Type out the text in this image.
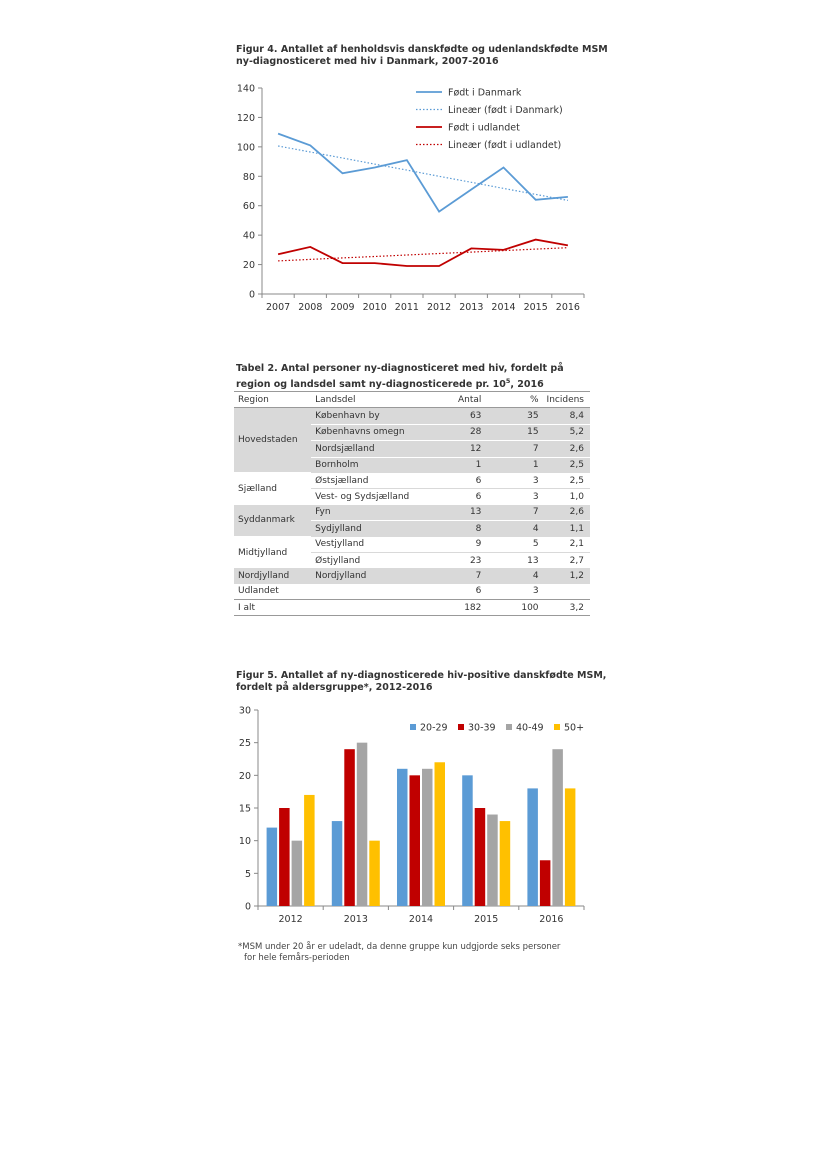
Figur 4. Antallet af henholdsvis danskfødte og udenlandskfødte MSM
ny-diagnosticeret med hiv i Danmark, 2007-2016

0
20
40
60
80
100
120
140
2007 2008 2009 2010 2011 2012 2013 2014 2015 2016
Født i Danmark
Lineær (født i Danmark)
Født i udlandet
Lineær (født i udlandet)

Tabel 2. Antal personer ny-diagnosticeret med hiv, fordelt på
region og landsdel samt ny-diagnosticerede pr. $10^5$, 2016

Region	Landsdel	Antal	%	Incidens
Hovedstaden	København by	63	35	8,4
	Københavns omegn	28	15	5,2
	Nordsjælland	12	7	2,6
	Bornholm	1	1	2,5
Sjælland	Østsjælland	6	3	2,5
	Vest- og Sydsjælland	6	3	1,0
Syddanmark	Fyn	13	7	2,6
	Sydjylland	8	4	1,1
Midtjylland	Vestjylland	9	5	2,1
	Østjylland	23	13	2,7
Nordjylland	Nordjylland	7	4	1,2
Udlandet		6	3	
I alt		182	100	3,2

Figur 5. Antallet af ny-diagnosticerede hiv-positive danskfødte MSM,
fordelt på aldersgruppe*, 2012-2016

0
5
10
15
20
25
30
2012	2013	2014	2015	2016
20-29 30-39 40-49 50+
*MSM under 20 år er udeladt, da denne gruppe kun udgjorde seks personer
for hele femårs-perioden
